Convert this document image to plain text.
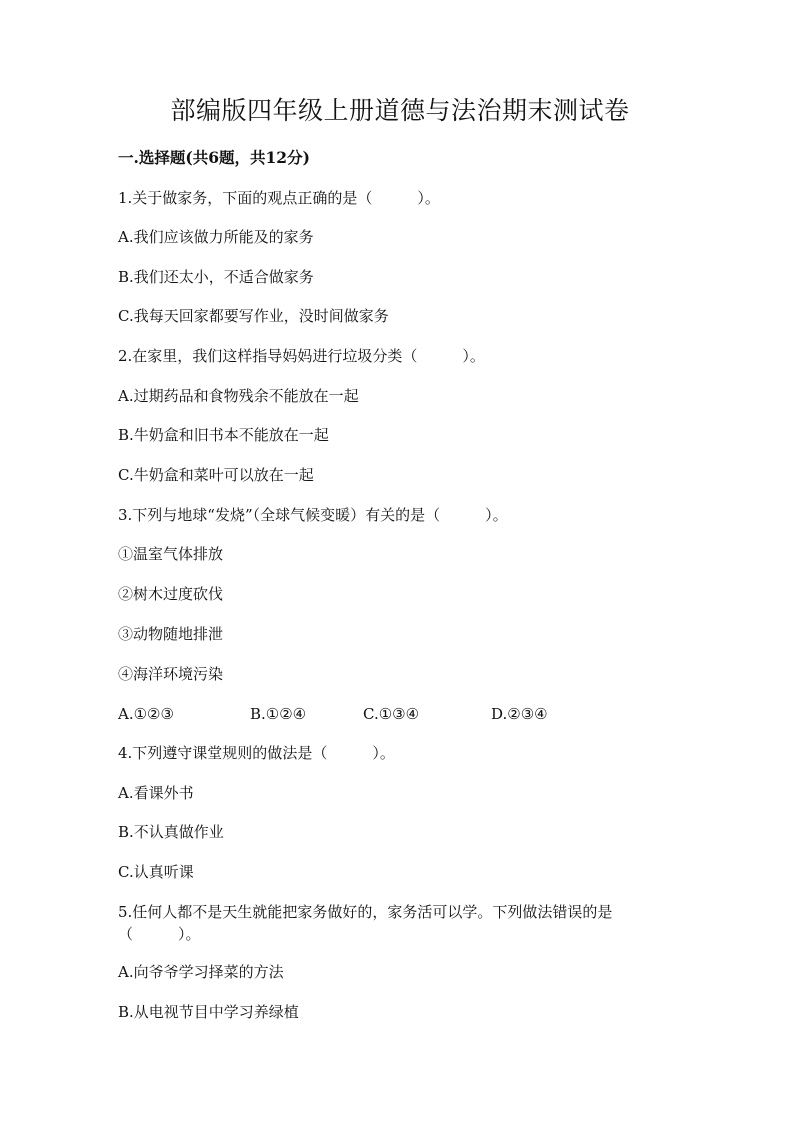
部编版四年级上册道德与法治期末测试卷
一.选择题(共6题，共12分)
1.关于做家务，下面的观点正确的是（　　　）。
A.我们应该做力所能及的家务
B.我们还太小，不适合做家务
C.我每天回家都要写作业，没时间做家务
2.在家里，我们这样指导妈妈进行垃圾分类（　　　）。
A.过期药品和食物残余不能放在一起
B.牛奶盒和旧书本不能放在一起
C.牛奶盒和菜叶可以放在一起
3.下列与地球“发烧”（全球气候变暖）有关的是（　　　）。
①温室气体排放
②树木过度砍伐
③动物随地排泄
④海洋环境污染
A.①②③	B.①②④	C.①③④	D.②③④
4.下列遵守课堂规则的做法是（　　　）。
A.看课外书
B.不认真做作业
C.认真听课
5.任何人都不是天生就能把家务做好的，家务活可以学。下列做法错误的是（　　　）。
A.向爷爷学习择菜的方法
B.从电视节目中学习养绿植
